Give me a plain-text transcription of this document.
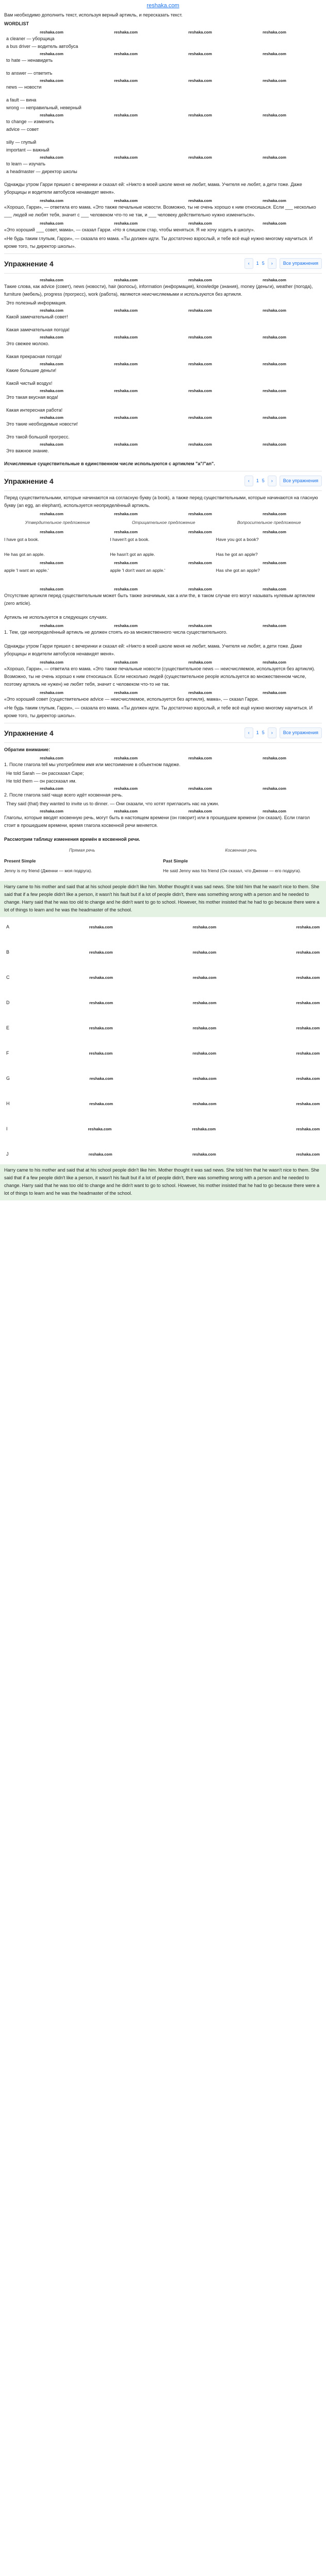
reshaka.com

Вам необходимо дополнить текст, используя верный артикль, и пересказать текст.

WORDLIST

reshaka.com	reshaka.com	reshaka.com	reshaka.com

a cleaner — уборщица

a bus driver — водитель автобуса

reshaka.com	reshaka.com	reshaka.com	reshaka.com

to hate — ненавидеть

to answer — ответить

reshaka.com	reshaka.com	reshaka.com	reshaka.com

news — новости

a fault — вина

wrong — неправильный, неверный

reshaka.com	reshaka.com	reshaka.com	reshaka.com

to change — изменить

advice — совет

silly — глупый

important — важный

reshaka.com	reshaka.com	reshaka.com	reshaka.com

to learn — изучать

a headmaster — директор школы

Однажды утром Гарри пришел с вечеринки и сказал ей: «Никто в моей школе меня не любит, мама. Учителя не любят, а дети тоже. Даже уборщицы и водители автобусов ненавидят меня».

reshaka.com	reshaka.com	reshaka.com	reshaka.com

«Хорошо, Гарри», — ответила его мама. «Это также печальные новости. Возможно, ты не очень хорошо к ним относишься. Если ___ несколько ___ людей не любят тебя, значит с ___ человеком что-то не так, и ___ человеку действительно нужно измениться».

reshaka.com	reshaka.com	reshaka.com	reshaka.com

«Это хороший ___ совет, мама», — сказал Гарри. «Но я слишком стар, чтобы меняться. Я не хочу ходить в школу».

«Не будь таким глупым, Гарри», — сказала его мама. «Ты должен идти. Ты достаточно взрослый, и тебе всё ещё нужно многому научиться. И кроме того, ты директор школы».

Упражнение 4	‹	1 5	›	Все упражнения
reshaka.com	reshaka.com	reshaka.com	reshaka.com

Такие слова, как advice (совет), news (новости), hair (волосы), information (информация), knowledge (знания), money (деньги), weather (погода), furniture (мебель), progress (прогресс), work (работа), являются неисчисляемыми и используются без артикля.

Это полезный информация.

reshaka.com	reshaka.com	reshaka.com	reshaka.com

Какой замечательный совет!

Какая замечательная погода!

reshaka.com	reshaka.com	reshaka.com	reshaka.com

Это свежее молоко.

Какая прекрасная погода!

reshaka.com	reshaka.com	reshaka.com	reshaka.com

Какие большие деньги!

Какой чистый воздух!

reshaka.com	reshaka.com	reshaka.com	reshaka.com

Это такая вкусная вода!

Какая интересная работа!

reshaka.com	reshaka.com	reshaka.com	reshaka.com

Это такие необходимые новости!

Это такой большой прогресс.

reshaka.com	reshaka.com	reshaka.com	reshaka.com

Это важное знание.

Исчисляемые существительные в единственном числе используются с артиклем "a"/"an".

Упражнение 4	‹	1 5	›	Все упражнения

Перед существительными, которые начинаются на согласную букву (a book), а также перед существительными, которые начинаются на гласную букву (an egg, an elephant), используется неопределённый артикль.

reshaka.com	reshaka.com	reshaka.com	reshaka.com
Утвердительное предложение	Отрицательное предложение	Вопросительное предложение
reshaka.com	reshaka.com	reshaka.com	reshaka.com
I have got a book.	I haven't got a book.	Have you got a book?
He has got an apple.	He hasn't got an apple.	Has he got an apple?
reshaka.com	reshaka.com	reshaka.com	reshaka.com
apple 'I want an apple.'	apple 'I don't want an apple.'	Has she got an apple?
reshaka.com	reshaka.com	reshaka.com	reshaka.com

Отсутствие артикля перед существительным может быть также значимым, как a или the, в таком случае его могут называть нулевым артиклем (zero article).

Артикль не используется в следующих случаях.

reshaka.com	reshaka.com	reshaka.com	reshaka.com

1. Тем, где неопределённый артикль не должен стоять из-за множественного числа существительного.

Однажды утром Гарри пришел с вечеринки и сказал ей: «Никто в моей школе меня не любит, мама. Учителя не любят, а дети тоже. Даже уборщицы и водители автобусов ненавидят меня».

reshaka.com	reshaka.com	reshaka.com	reshaka.com

«Хорошо, Гарри», — ответила его мама. «Это также печальные новости (существительное news — неисчисляемое, используется без артикля). Возможно, ты не очень хорошо к ним относишься. Если несколько людей (существительное people используется во множественном числе, поэтому артикль не нужен) не любят тебя, значит с человеком что-то не так.

reshaka.com	reshaka.com	reshaka.com	reshaka.com

«Это хороший совет (существительное advice — неисчисляемое, используется без артикля), мама», — сказал Гарри.

«Не будь таким глупым, Гарри», — сказала его мама. «Ты должен идти. Ты достаточно взрослый, и тебе всё ещё нужно многому научиться. И кроме того, ты директор школы».

Упражнение 4	‹	1 5	›	Все упражнения

Обратим внимание:

reshaka.com	reshaka.com	reshaka.com	reshaka.com

1. После глагола tell мы употребляем имя или местоимение в объектном падеже.

He told Sarah — он рассказал Саре;

He told them — он рассказал им.

reshaka.com	reshaka.com	reshaka.com	reshaka.com

2. После глагола said чаще всего идёт косвенная речь.

They said (that) they wanted to invite us to dinner. — Они сказали, что хотят пригласить нас на ужин.

reshaka.com	reshaka.com	reshaka.com	reshaka.com

Глаголы, которые вводят косвенную речь, могут быть в настоящем времени (он говорит) или в прошедшем времени (он сказал). Если глагол стоит в прошедшем времени, время глагола косвенной речи меняется.

Рассмотрим таблицу изменения времён в косвенной речи.

Прямая речь	Косвенная речь
Present Simple	Past Simple
Jenny is my friend (Дженни — моя подруга).	He said Jenny was his friend (Он сказал, что Дженни — его подруга).

Harry came to his mother and said that at his school people didn't like him. Mother thought it was sad news. She told him that he wasn't nice to them. She said that if a few people didn't like a person, it wasn't his fault but if a lot of people didn't, there was something wrong with a person and he needed to change. Harry said that he was too old to change and he didn't want to go to school. However, his mother insisted that he had to go because there were a lot of things to learn and he was the headmaster of the school.

A	reshaka.com	reshaka.com	reshaka.com
B	reshaka.com	reshaka.com	reshaka.com
C	reshaka.com	reshaka.com	reshaka.com
D	reshaka.com	reshaka.com	reshaka.com
E	reshaka.com	reshaka.com	reshaka.com
F	reshaka.com	reshaka.com	reshaka.com
G	reshaka.com	reshaka.com	reshaka.com
H	reshaka.com	reshaka.com	reshaka.com
I	reshaka.com	reshaka.com	reshaka.com
J	reshaka.com	reshaka.com	reshaka.com

Harry came to his mother and said that at his school people didn't like him. Mother thought it was sad news. She told him that he wasn't nice to them. She said that if a few people didn't like a person, it wasn't his fault but if a lot of people didn't, there was something wrong with a person and he needed to change. Harry said that he was too old to change and he didn't want to go to school. However, his mother insisted that he had to go because there were a lot of things to learn and he was the headmaster of the school.
